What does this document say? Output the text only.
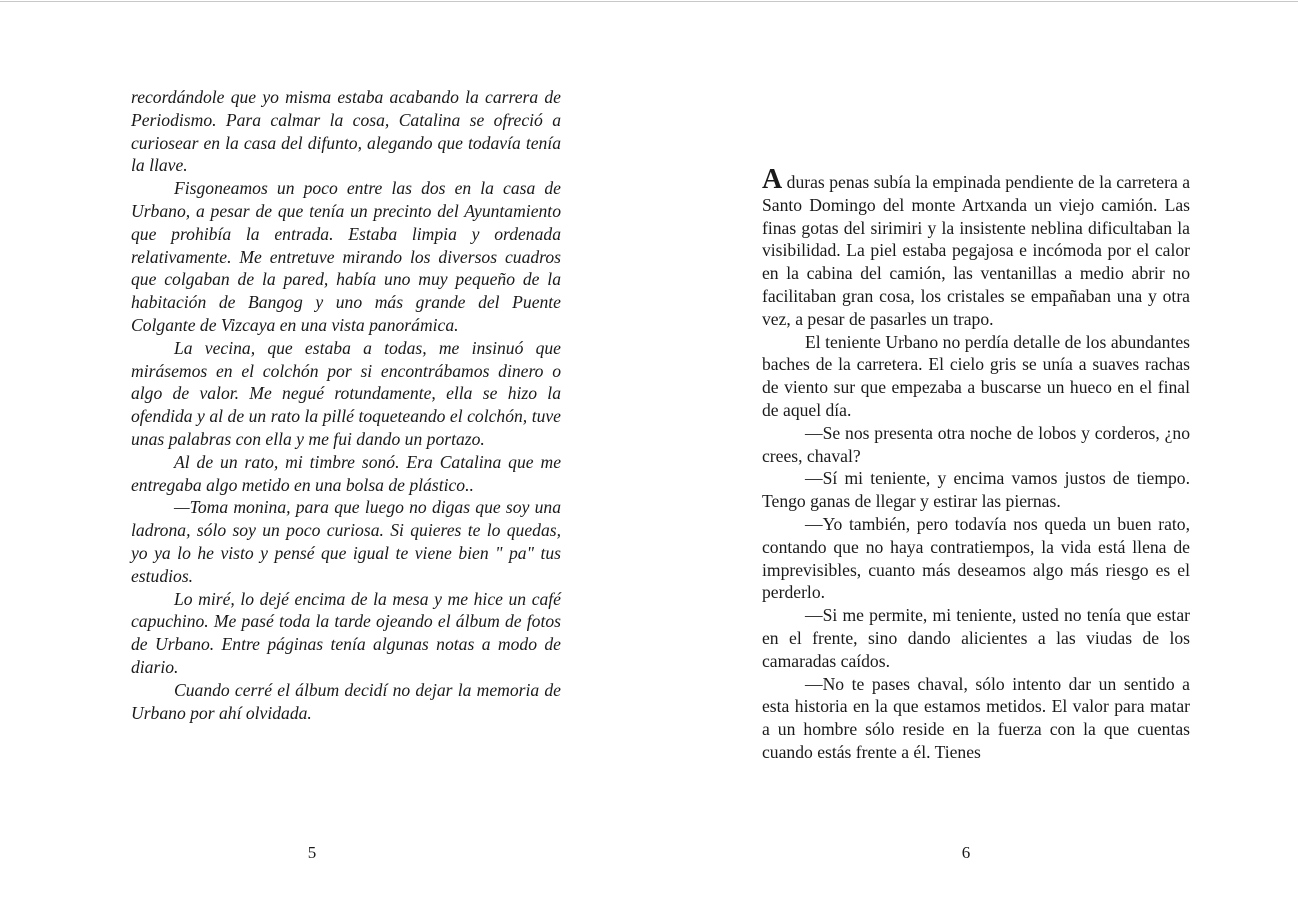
recordándole que yo misma estaba acabando la carrera de Periodismo. Para calmar la cosa, Catalina se ofreció a curiosear en la casa del difunto, alegando que todavía tenía la llave.

Fisgoneamos un poco entre las dos en la casa de Urbano, a pesar de que tenía un precinto del Ayuntamiento que prohibía la entrada. Estaba limpia y ordenada relativamente. Me entretuve mirando los diversos cuadros que colgaban de la pared, había uno muy pequeño de la habitación de Bangog y uno más grande del Puente Colgante de Vizcaya en una vista panorámica.

La vecina, que estaba a todas, me insinuó que mirásemos en el colchón por si encontrábamos dinero o algo de valor. Me negué rotundamente, ella se hizo la ofendida y al de un rato la pillé toqueteando el colchón, tuve unas palabras con ella y me fui dando un portazo.

Al de un rato, mi timbre sonó. Era Catalina que me entregaba algo metido en una bolsa de plástico..

—Toma monina, para que luego no digas que soy una ladrona, sólo soy un poco curiosa. Si quieres te lo quedas, yo ya lo he visto y pensé que igual te viene bien " pa" tus estudios.

Lo miré, lo dejé encima de la mesa y me hice un café capuchino. Me pasé toda la tarde ojeando el álbum de fotos de Urbano. Entre páginas tenía algunas notas a modo de diario.

Cuando cerré el álbum decidí no dejar la memoria de Urbano por ahí olvidada.

5

A duras penas subía la empinada pendiente de la carretera a Santo Domingo del monte Artxanda un viejo camión. Las finas gotas del sirimiri y la insistente neblina dificultaban la visibilidad. La piel estaba pegajosa e incómoda por el calor en la cabina del camión, las ventanillas a medio abrir no facilitaban gran cosa, los cristales se empañaban una y otra vez, a pesar de pasarles un trapo.

El teniente Urbano no perdía detalle de los abundantes baches de la carretera. El cielo gris se unía a suaves rachas de viento sur que empezaba a buscarse un hueco en el final de aquel día.

—Se nos presenta otra noche de lobos y corderos, ¿no crees, chaval?

—Sí mi teniente, y encima vamos justos de tiempo. Tengo ganas de llegar y estirar las piernas.

—Yo también, pero todavía nos queda un buen rato, contando que no haya contratiempos, la vida está llena de imprevisibles, cuanto más deseamos algo más riesgo es el perderlo.

—Si me permite, mi teniente, usted no tenía que estar en el frente, sino dando alicientes a las viudas de los camaradas caídos.

—No te pases chaval, sólo intento dar un sentido a esta historia en la que estamos metidos. El valor para matar a un hombre sólo reside en la fuerza con la que cuentas cuando estás frente a él. Tienes

6
